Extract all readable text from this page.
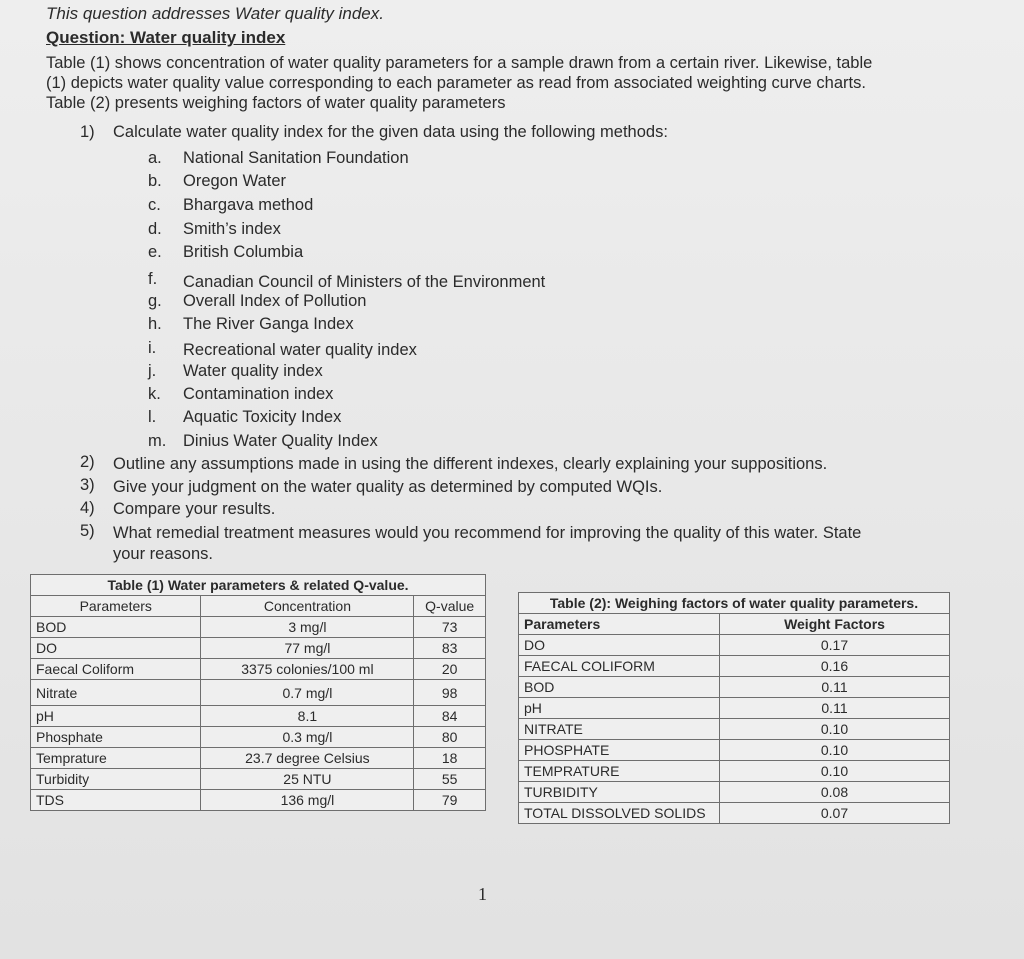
This question addresses Water quality index.
Question: Water quality index
Table (1) shows concentration of water quality parameters for a sample drawn from a certain river. Likewise, table
(1) depicts water quality value corresponding to each parameter as read from associated weighting curve charts.
Table (2) presents weighing factors of water quality parameters
1) Calculate water quality index for the given data using the following methods:
a.	National Sanitation Foundation
b.	Oregon Water
c.	Bhargava method
d.	Smith’s index
e.	British Columbia
f.	Canadian Council of Ministers of the Environment
g.	Overall Index of Pollution
h.	The River Ganga Index
i.	Recreational water quality index
j.	Water quality index
k.	Contamination index
l.	Aquatic Toxicity Index
m.	Dinius Water Quality Index
2) Outline any assumptions made in using the different indexes, clearly explaining your suppositions.
3) Give your judgment on the water quality as determined by computed WQIs.
4) Compare your results.
5) What remedial treatment measures would you recommend for improving the quality of this water. State
your reasons.
Table (1) Water parameters & related Q-value.		
Parameters	Concentration	Q-value
BOD	3 mg/l	73
DO	77 mg/l	83
Faecal Coliform	3375 colonies/100 ml	20
Nitrate	0.7 mg/l	98
pH	8.1	84
Phosphate	0.3 mg/l	80
Temprature	23.7 degree Celsius	18
Turbidity	25 NTU	55
TDS	136 mg/l	79
Table (2): Weighing factors of water quality parameters.	
Parameters	Weight Factors
DO	0.17
FAECAL COLIFORM	0.16
BOD	0.11
pH	0.11
NITRATE	0.10
PHOSPHATE	0.10
TEMPRATURE	0.10
TURBIDITY	0.08
TOTAL DISSOLVED SOLIDS	0.07
1
